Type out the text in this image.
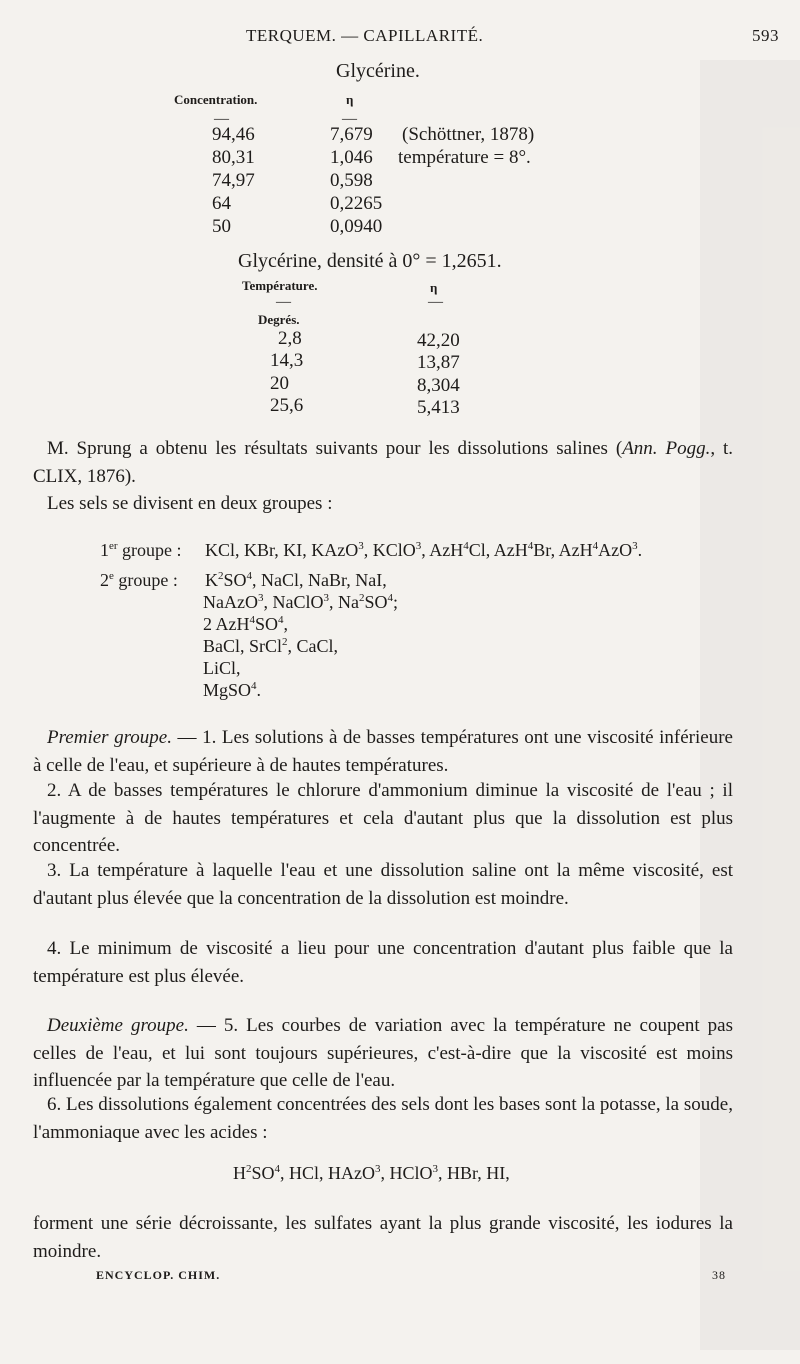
TERQUEM. — CAPILLARITÉ.	593
Glycérine.
Concentration.	η
—	—
94,46	7,679 (Schöttner, 1878)
80,31	1,046 température = 8°.
74,97	0,598
64	0,2265
50	0,0940
Glycérine, densité à 0° = 1,2651.
Température.	η
—	—
Degrés.
2,8	42,20
14,3	13,87
20	8,304
25,6	5,413
M. Sprung a obtenu les résultats suivants pour les dissolutions salines (Ann. Pogg., t. CLIX, 1876).
Les sels se divisent en deux groupes :
1er groupe : KCl, KBr, KI, KAzO$^3$, KClO$^3$, AzH$^4$Cl, AzH$^4$Br, AzH$^4$AzO$^3$.
2e groupe : $K^2SO^4$, NaCl, NaBr, NaI,
NaAzO$^3$, NaClO$^3$, $Na^2SO^4$;
2 $AzH^4SO^4$,
BaCl, SrCl$^2$, CaCl,
LiCl,
MgSO$^4$.
Premier groupe. — 1. Les solutions à de basses températures ont une viscosité inférieure à celle de l'eau, et supérieure à de hautes températures.
2. A de basses températures le chlorure d'ammonium diminue la viscosité de l'eau ; il l'augmente à de hautes températures et cela d'autant plus que la dissolution est plus concentrée.
3. La température à laquelle l'eau et une dissolution saline ont la même viscosité, est d'autant plus élevée que la concentration de la dissolution est moindre.
4. Le minimum de viscosité a lieu pour une concentration d'autant plus faible que la température est plus élevée.
Deuxième groupe. — 5. Les courbes de variation avec la température ne coupent pas celles de l'eau, et lui sont toujours supérieures, c'est-à-dire que la viscosité est moins influencée par la température que celle de l'eau.
6. Les dissolutions également concentrées des sels dont les bases sont la potasse, la soude, l'ammoniaque avec les acides :
$H^2SO^4$, HCl, HAzO$^3$, HClO$^3$, HBr, HI,
forment une série décroissante, les sulfates ayant la plus grande viscosité, les iodures la moindre.
ENCYCLOP. CHIM.	38
